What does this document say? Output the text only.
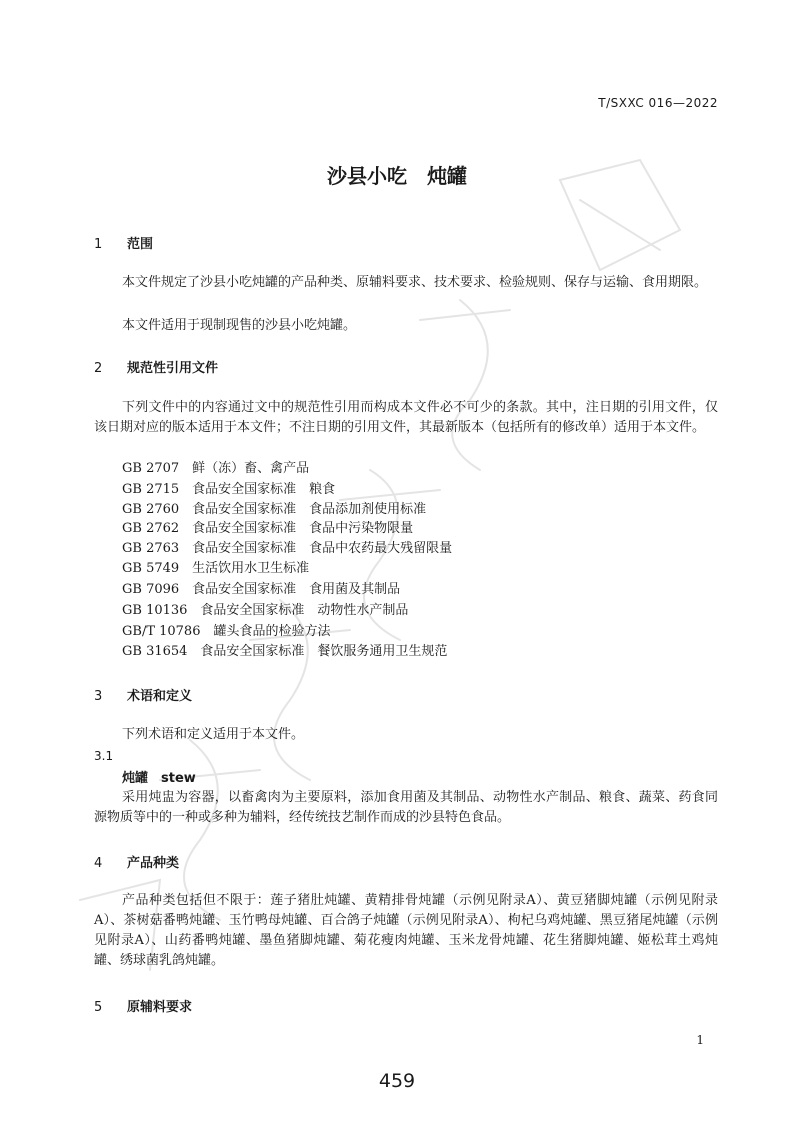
T/SXXC 016—2022
沙县小吃　炖罐
1　 范围
本文件规定了沙县小吃炖罐的产品种类、原辅料要求、技术要求、检验规则、保存与运输、食用期限。
本文件适用于现制现售的沙县小吃炖罐。
2　 规范性引用文件
下列文件中的内容通过文中的规范性引用而构成本文件必不可少的条款。其中，注日期的引用文件，仅该日期对应的版本适用于本文件；不注日期的引用文件，其最新版本（包括所有的修改单）适用于本文件。
GB 2707　鲜（冻）畜、禽产品
GB 2715　食品安全国家标准　粮食
GB 2760　食品安全国家标准　食品添加剂使用标准
GB 2762　食品安全国家标准　食品中污染物限量
GB 2763　食品安全国家标准　食品中农药最大残留限量
GB 5749　生活饮用水卫生标准
GB 7096　食品安全国家标准　食用菌及其制品
GB 10136　食品安全国家标准　动物性水产制品
GB/T 10786　罐头食品的检验方法
GB 31654　食品安全国家标准　餐饮服务通用卫生规范
3　 术语和定义
下列术语和定义适用于本文件。
3.1
炖罐　stew
采用炖盅为容器，以畜禽肉为主要原料，添加食用菌及其制品、动物性水产制品、粮食、蔬菜、药食同源物质等中的一种或多种为辅料，经传统技艺制作而成的沙县特色食品。
4　 产品种类
产品种类包括但不限于：莲子猪肚炖罐、黄精排骨炖罐（示例见附录A）、黄豆猪脚炖罐（示例见附录A）、茶树菇番鸭炖罐、玉竹鸭母炖罐、百合鸽子炖罐（示例见附录A）、枸杞乌鸡炖罐、黑豆猪尾炖罐（示例见附录A）、山药番鸭炖罐、墨鱼猪脚炖罐、菊花瘦肉炖罐、玉米龙骨炖罐、花生猪脚炖罐、姬松茸土鸡炖罐、绣球菌乳鸽炖罐。
5　 原辅料要求
1
459
